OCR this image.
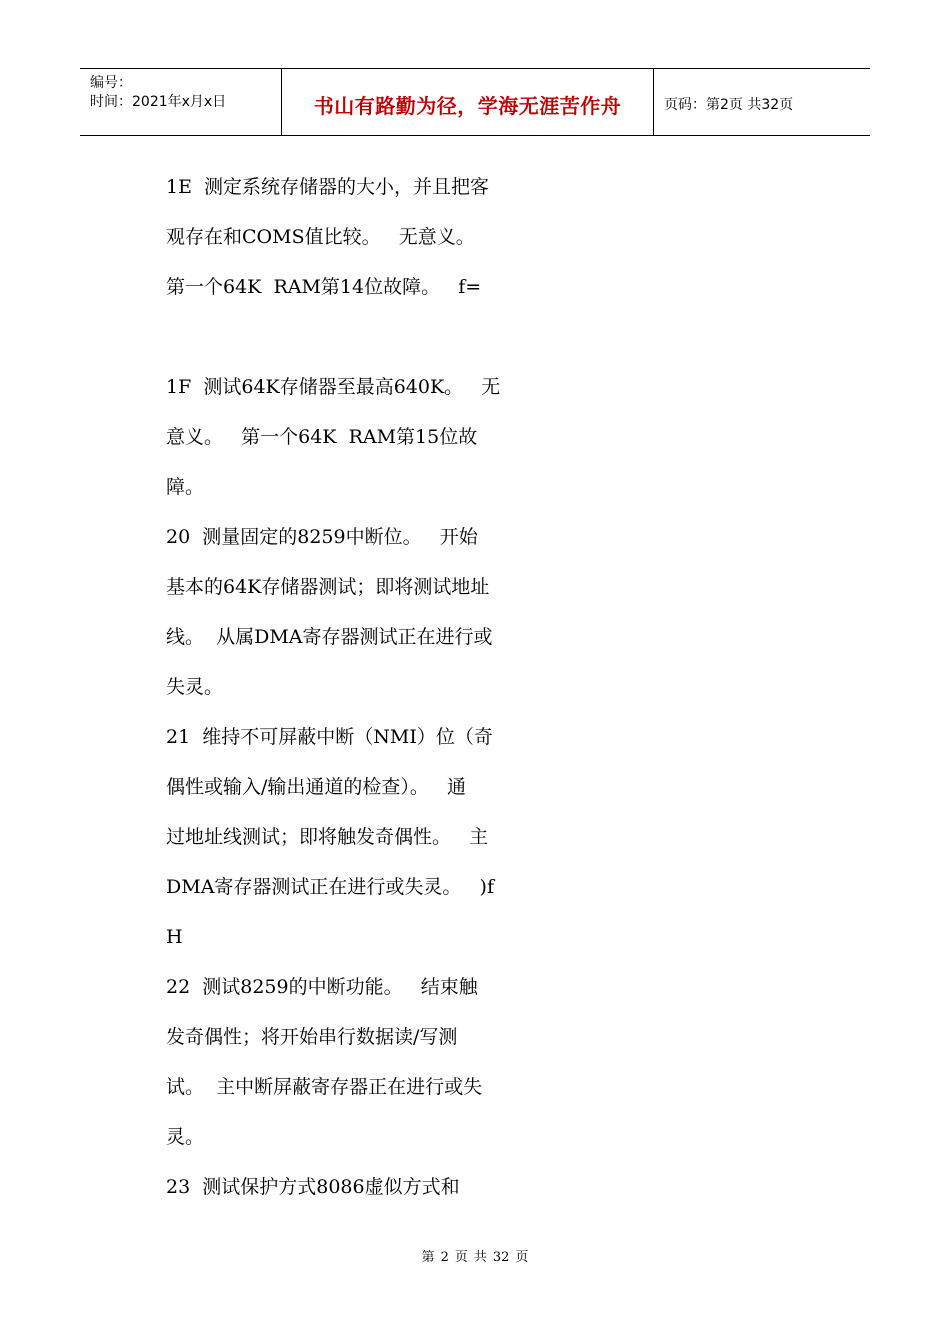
编号：
时间：2021年x月x日	书山有路勤为径，学海无涯苦作舟	页码：第2页 共32页

1E  测定系统存储器的大小，并且把客

观存在和COMS值比较。   无意义。

第一个64K  RAM第14位故障。   f=

1F  测试64K存储器至最高640K。   无

意义。   第一个64K  RAM第15位故

障。

20  测量固定的8259中断位。   开始

基本的64K存储器测试；即将测试地址

线。  从属DMA寄存器测试正在进行或

失灵。

21  维持不可屏蔽中断（NMI）位（奇

偶性或输入/输出通道的检查）。   通

过地址线测试；即将触发奇偶性。   主

DMA寄存器测试正在进行或失灵。   )f

H

22  测试8259的中断功能。   结束触

发奇偶性；将开始串行数据读/写测

试。  主中断屏蔽寄存器正在进行或失

灵。

23  测试保护方式8086虚似方式和

第 2 页 共 32 页
